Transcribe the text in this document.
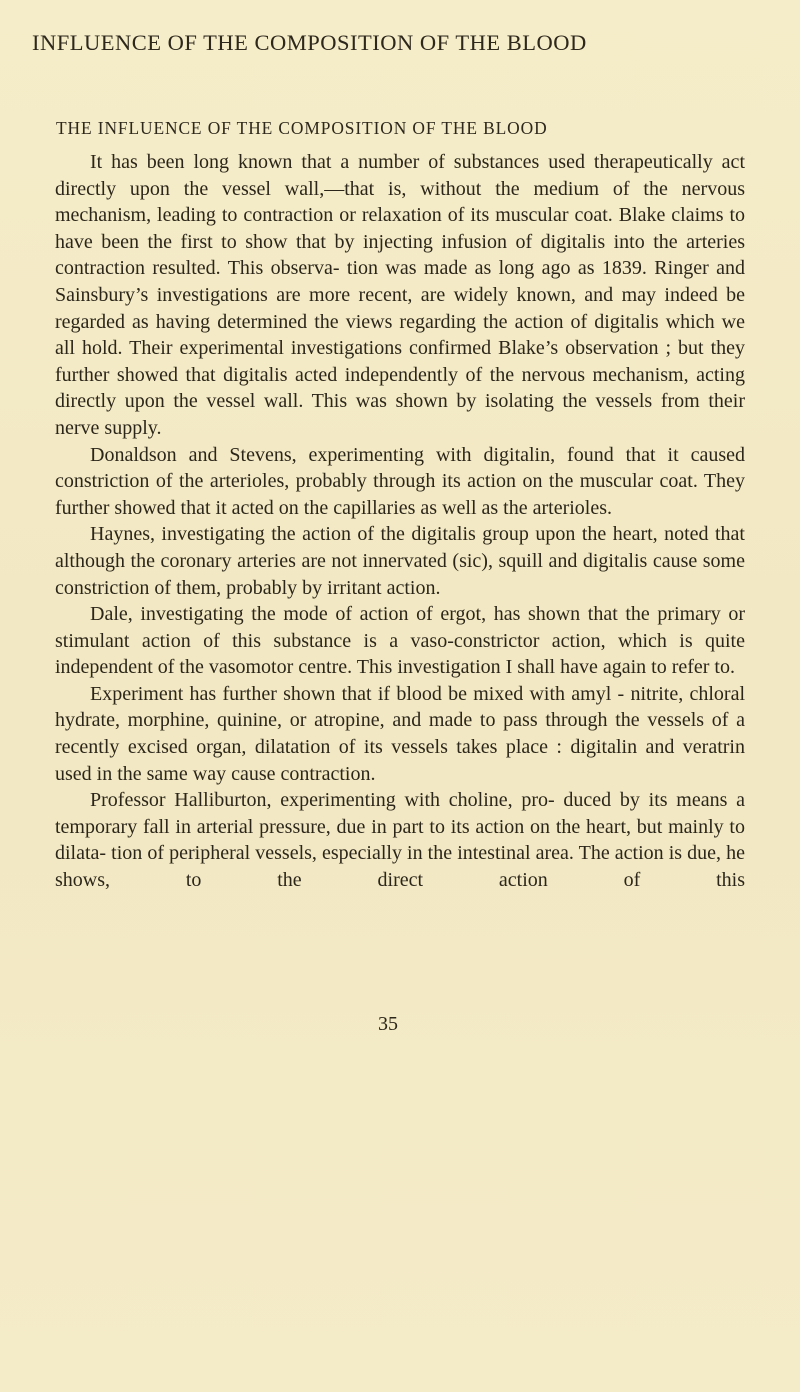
INFLUENCE OF THE COMPOSITION OF THE BLOOD
THE INFLUENCE OF THE COMPOSITION OF THE BLOOD

It has been long known that a number of substances used therapeutically act directly upon the vessel wall,—that is, without the medium of the nervous mechanism, leading to contraction or relaxation of its muscular coat. Blake claims to have been the first to show that by injecting infusion of digitalis into the arteries contraction resulted. This observa- tion was made as long ago as 1839. Ringer and Sainsbury’s investigations are more recent, are widely known, and may indeed be regarded as having determined the views regarding the action of digitalis which we all hold. Their experimental investigations confirmed Blake’s observation ; but they further showed that digitalis acted independently of the nervous mechanism, acting directly upon the vessel wall. This was shown by isolating the vessels from their nerve supply.

Donaldson and Stevens, experimenting with digitalin, found that it caused constriction of the arterioles, probably through its action on the muscular coat. They further showed that it acted on the capillaries as well as the arterioles.

Haynes, investigating the action of the digitalis group upon the heart, noted that although the coronary arteries are not innervated (sic), squill and digitalis cause some constriction of them, probably by irritant action.

Dale, investigating the mode of action of ergot, has shown that the primary or stimulant action of this substance is a vaso-constrictor action, which is quite independent of the vasomotor centre. This investigation I shall have again to refer to.

Experiment has further shown that if blood be mixed with amyl - nitrite, chloral hydrate, morphine, quinine, or atropine, and made to pass through the vessels of a recently excised organ, dilatation of its vessels takes place : digitalin and veratrin used in the same way cause contraction.

Professor Halliburton, experimenting with choline, pro- duced by its means a temporary fall in arterial pressure, due in part to its action on the heart, but mainly to dilata- tion of peripheral vessels, especially in the intestinal area. The action is due, he shows, to the direct action of this

35
